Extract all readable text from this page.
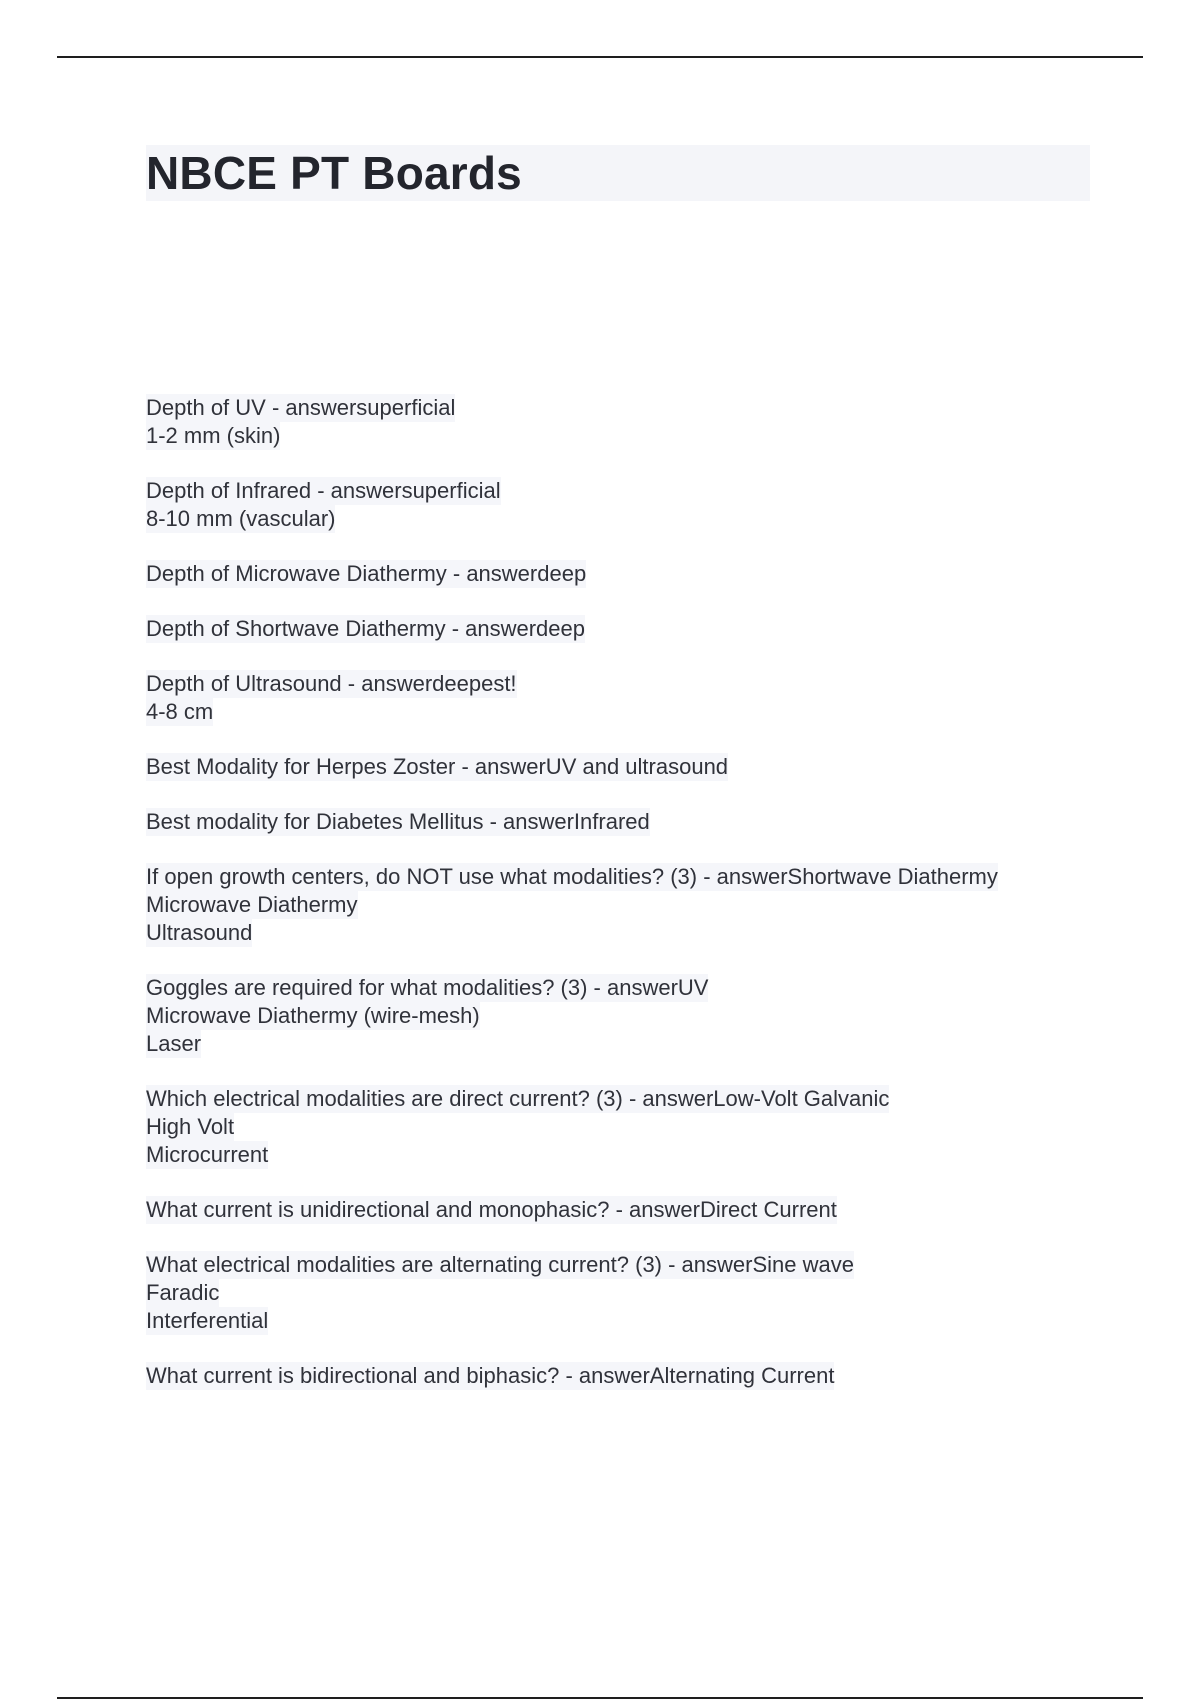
NBCE PT Boards
Depth of UV - answersuperficial
1-2 mm (skin)
Depth of Infrared - answersuperficial
8-10 mm (vascular)
Depth of Microwave Diathermy - answerdeep
Depth of Shortwave Diathermy - answerdeep
Depth of Ultrasound - answerdeepest!
4-8 cm
Best Modality for Herpes Zoster - answerUV and ultrasound
Best modality for Diabetes Mellitus - answerInfrared
If open growth centers, do NOT use what modalities? (3) - answerShortwave Diathermy
Microwave Diathermy
Ultrasound
Goggles are required for what modalities? (3) - answerUV
Microwave Diathermy (wire-mesh)
Laser
Which electrical modalities are direct current? (3) - answerLow-Volt Galvanic
High Volt
Microcurrent
What current is unidirectional and monophasic? - answerDirect Current
What electrical modalities are alternating current? (3) - answerSine wave
Faradic
Interferential
What current is bidirectional and biphasic? - answerAlternating Current
